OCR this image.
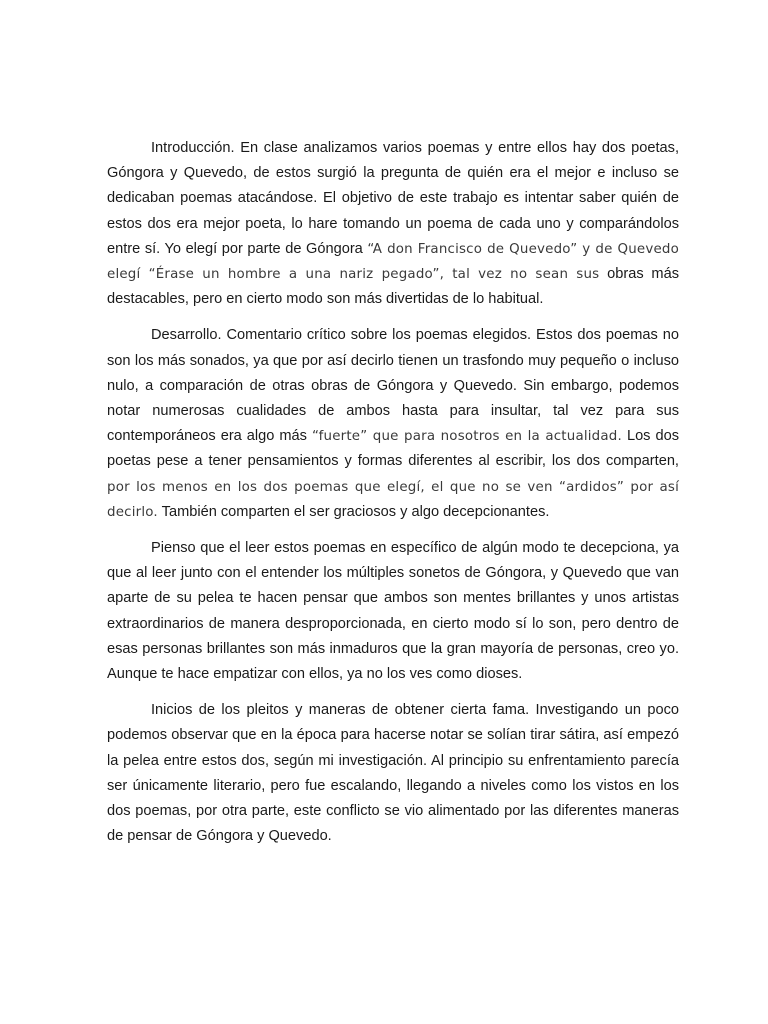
Introducción. En clase analizamos varios poemas y entre ellos hay dos poetas, Góngora y Quevedo, de estos surgió la pregunta de quién era el mejor e incluso se dedicaban poemas atacándose. El objetivo de este trabajo es intentar saber quién de estos dos era mejor poeta, lo hare tomando un poema de cada uno y comparándolos entre sí. Yo elegí por parte de Góngora “A don Francisco de Quevedo” y de Quevedo elegí “Érase un hombre a una nariz pegado”, tal vez no sean sus obras más destacables, pero en cierto modo son más divertidas de lo habitual.

Desarrollo. Comentario crítico sobre los poemas elegidos. Estos dos poemas no son los más sonados, ya que por así decirlo tienen un trasfondo muy pequeño o incluso nulo, a comparación de otras obras de Góngora y Quevedo. Sin embargo, podemos notar numerosas cualidades de ambos hasta para insultar, tal vez para sus contemporáneos era algo más “fuerte” que para nosotros en la actualidad. Los dos poetas pese a tener pensamientos y formas diferentes al escribir, los dos comparten, por los menos en los dos poemas que elegí, el que no se ven “ardidos” por así decirlo. También comparten el ser graciosos y algo decepcionantes.

Pienso que el leer estos poemas en específico de algún modo te decepciona, ya que al leer junto con el entender los múltiples sonetos de Góngora, y Quevedo que van aparte de su pelea te hacen pensar que ambos son mentes brillantes y unos artistas extraordinarios de manera desproporcionada, en cierto modo sí lo son, pero dentro de esas personas brillantes son más inmaduros que la gran mayoría de personas, creo yo. Aunque te hace empatizar con ellos, ya no los ves como dioses.

Inicios de los pleitos y maneras de obtener cierta fama. Investigando un poco podemos observar que en la época para hacerse notar se solían tirar sátira, así empezó la pelea entre estos dos, según mi investigación. Al principio su enfrentamiento parecía ser únicamente literario, pero fue escalando, llegando a niveles como los vistos en los dos poemas, por otra parte, este conflicto se vio alimentado por las diferentes maneras de pensar de Góngora y Quevedo.
